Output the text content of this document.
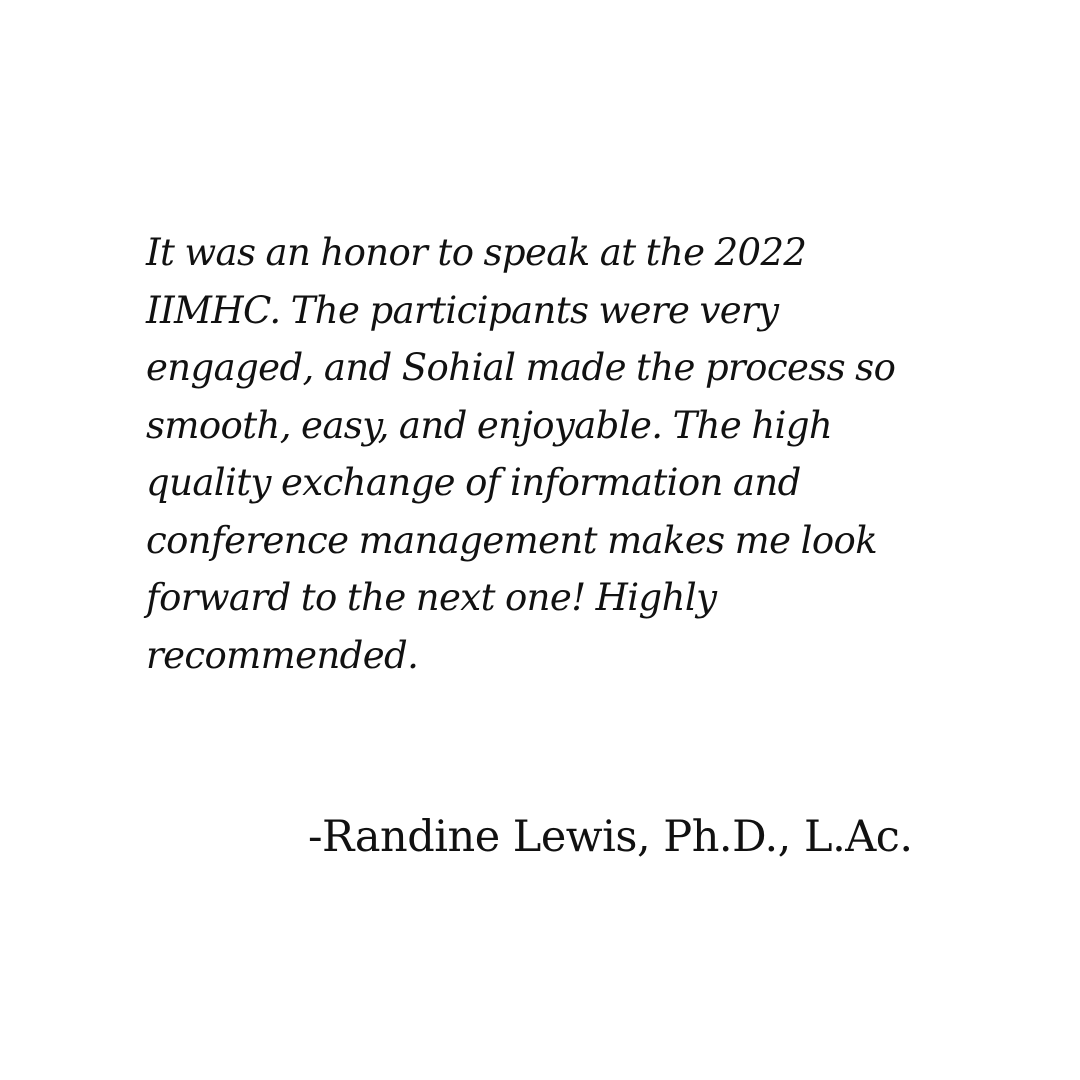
It was an honor to speak at the 2022
IIMHC. The participants were very
engaged, and Sohial made the process so
smooth, easy, and enjoyable. The high
quality exchange of information and
conference management makes me look
forward to the next one! Highly
recommended.

-Randine Lewis, Ph.D., L.Ac.
